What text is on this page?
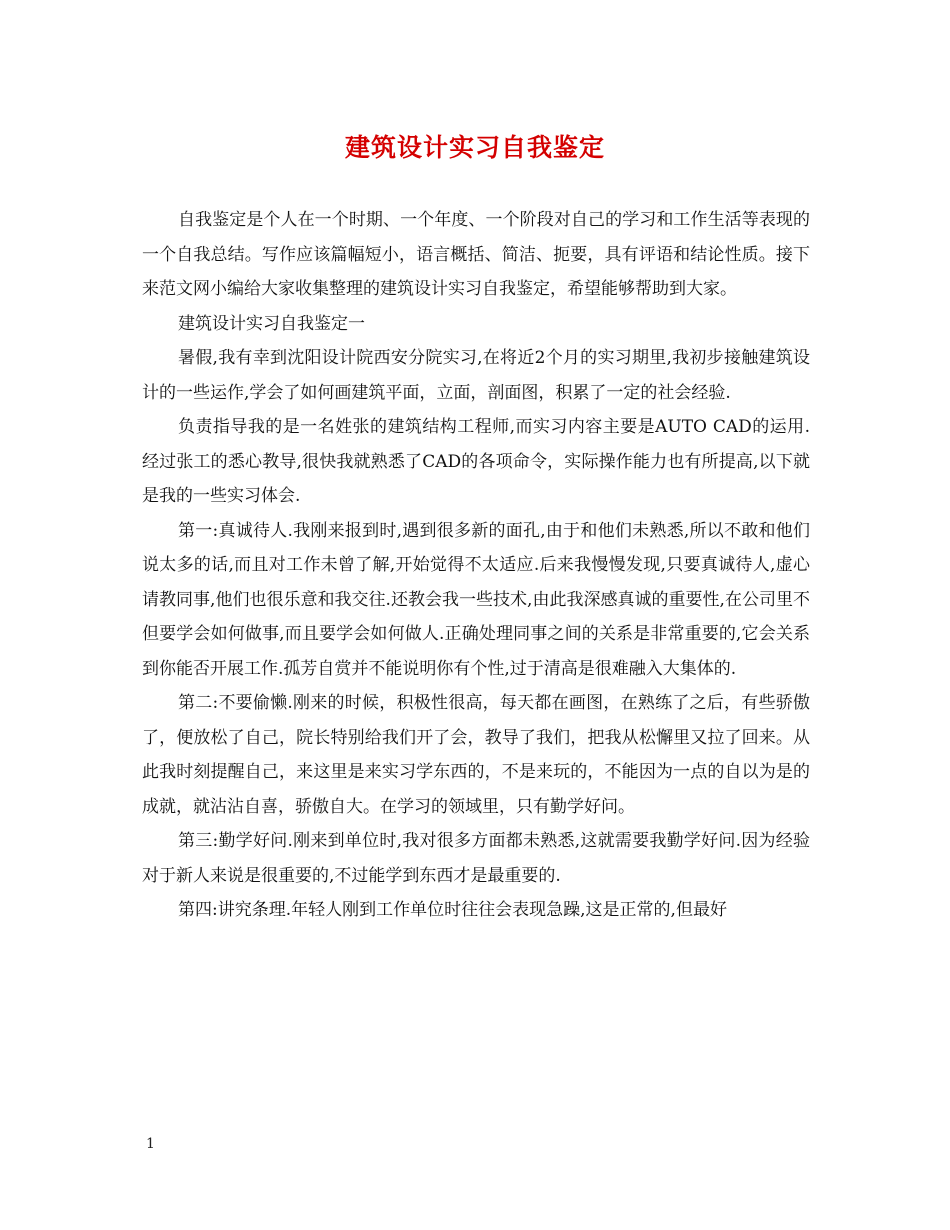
建筑设计实习自我鉴定

自我鉴定是个人在一个时期、一个年度、一个阶段对自己的学习和工作生活等表现的一个自我总结。写作应该篇幅短小，语言概括、简洁、扼要，具有评语和结论性质。接下来范文网小编给大家收集整理的建筑设计实习自我鉴定，希望能够帮助到大家。

建筑设计实习自我鉴定一

暑假,我有幸到沈阳设计院西安分院实习,在将近2个月的实习期里,我初步接触建筑设计的一些运作,学会了如何画建筑平面，立面，剖面图，积累了一定的社会经验.

负责指导我的是一名姓张的建筑结构工程师,而实习内容主要是AUTO CAD的运用.经过张工的悉心教导,很快我就熟悉了CAD的各项命令，实际操作能力也有所提高,以下就是我的一些实习体会.

第一:真诚待人.我刚来报到时,遇到很多新的面孔,由于和他们未熟悉,所以不敢和他们说太多的话,而且对工作未曾了解,开始觉得不太适应.后来我慢慢发现,只要真诚待人,虚心请教同事,他们也很乐意和我交往.还教会我一些技术,由此我深感真诚的重要性,在公司里不但要学会如何做事,而且要学会如何做人.正确处理同事之间的关系是非常重要的,它会关系到你能否开展工作.孤芳自赏并不能说明你有个性,过于清高是很难融入大集体的.

第二:不要偷懒.刚来的时候，积极性很高，每天都在画图，在熟练了之后，有些骄傲了，便放松了自己，院长特别给我们开了会，教导了我们，把我从松懈里又拉了回来。从此我时刻提醒自己，来这里是来实习学东西的，不是来玩的，不能因为一点的自以为是的成就，就沾沾自喜，骄傲自大。在学习的领域里，只有勤学好问。

第三:勤学好问.刚来到单位时,我对很多方面都未熟悉,这就需要我勤学好问.因为经验对于新人来说是很重要的,不过能学到东西才是最重要的.

第四:讲究条理.年轻人刚到工作单位时往往会表现急躁,这是正常的,但最好

1
